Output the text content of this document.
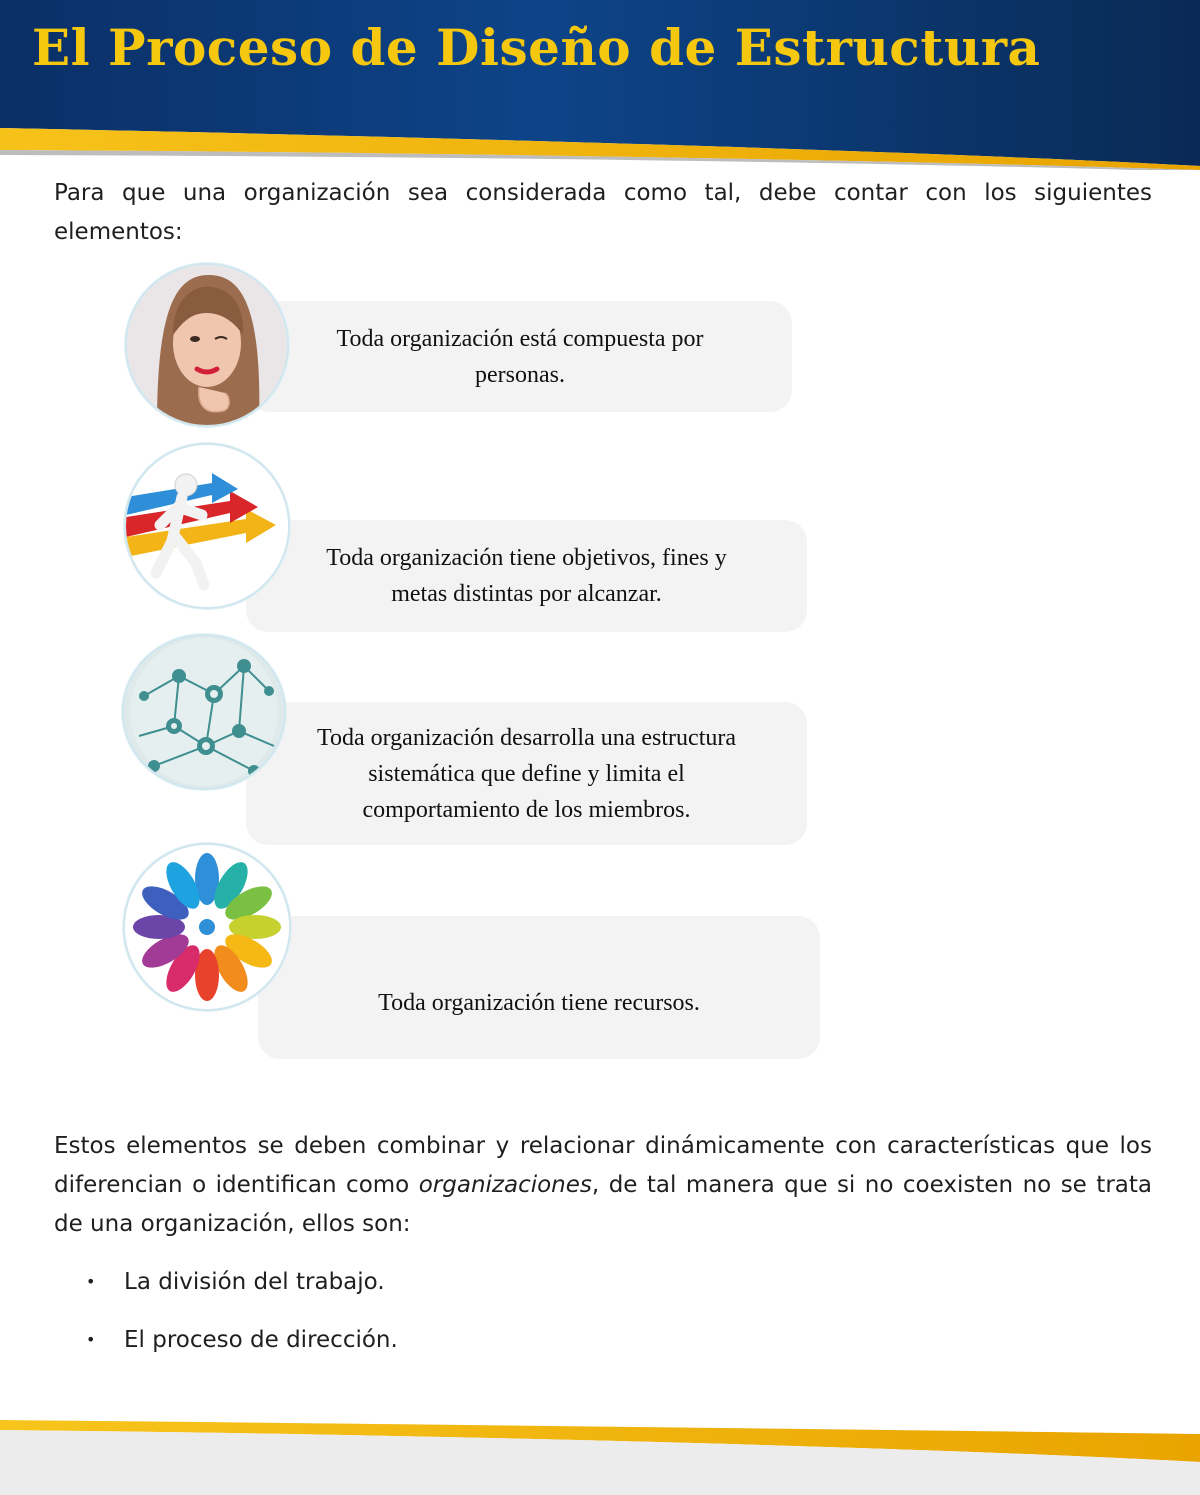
El Proceso de Diseño de Estructura
Para que una organización sea considerada como tal, debe contar con los siguientes elementos:
Toda organización está compuesta por
personas.
Toda organización tiene objetivos, fines y
metas distintas por alcanzar.
Toda organización desarrolla una estructura
sistemática que define y limita el
comportamiento de los miembros.
Toda organización tiene recursos.
Estos elementos se deben combinar y relacionar dinámicamente con características que los diferencian o identifican como organizaciones, de tal manera que si no coexisten no se trata de una organización, ellos son:
• La división del trabajo.
• El proceso de dirección.
